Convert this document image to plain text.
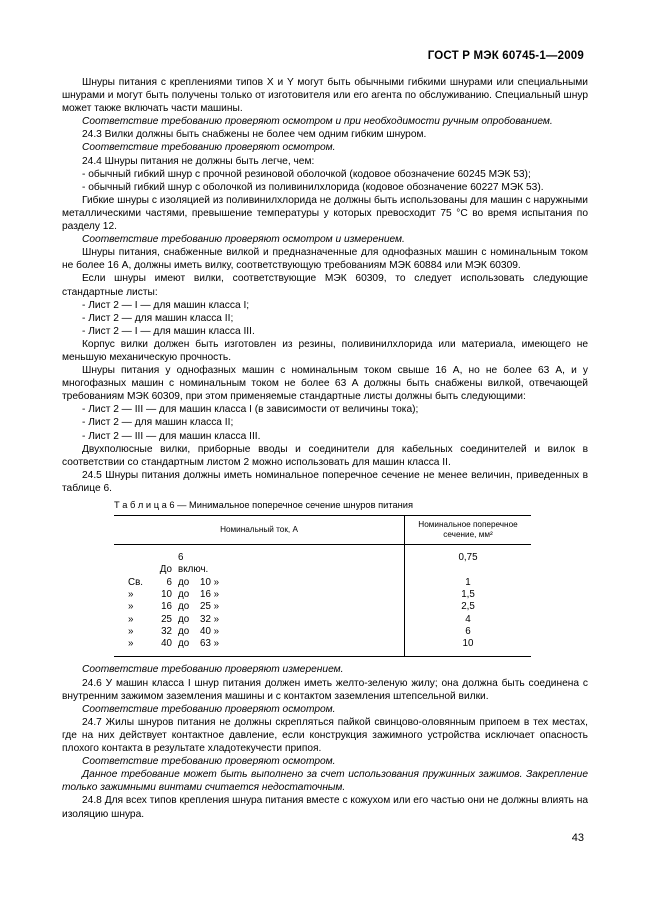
ГОСТ Р МЭК 60745-1—2009

Шнуры питания с креплениями типов X и Y могут быть обычными гибкими шнурами или специальными шнурами и могут быть получены только от изготовителя или его агента по обслуживанию. Специальный шнур может также включать части машины.

Соответствие требованию проверяют осмотром и при необходимости ручным опробованием.

24.3 Вилки должны быть снабжены не более чем одним гибким шнуром.

Соответствие требованию проверяют осмотром.

24.4 Шнуры питания не должны быть легче, чем:

- обычный гибкий шнур с прочной резиновой оболочкой (кодовое обозначение 60245 МЭК 53);

- обычный гибкий шнур с оболочкой из поливинилхлорида (кодовое обозначение 60227 МЭК 53).

Гибкие шнуры с изоляцией из поливинилхлорида не должны быть использованы для машин с наружными металлическими частями, превышение температуры у которых превосходит 75 °С во время испытания по разделу 12.

Соответствие требованию проверяют осмотром и измерением.

Шнуры питания, снабженные вилкой и предназначенные для однофазных машин с номинальным током не более 16 А, должны иметь вилку, соответствующую требованиям МЭК 60884 или МЭК 60309.

Если шнуры имеют вилки, соответствующие МЭК 60309, то следует использовать следующие стандартные листы:

- Лист 2 — I — для машин класса I;

- Лист 2 — для машин класса II;

- Лист 2 — I — для машин класса III.

Корпус вилки должен быть изготовлен из резины, поливинилхлорида или материала, имеющего не меньшую механическую прочность.

Шнуры питания у однофазных машин с номинальным током свыше 16 А, но не более 63 А, и у многофазных машин с номинальным током не более 63 А должны быть снабжены вилкой, отвечающей требованиям МЭК 60309, при этом применяемые стандартные листы должны быть следующими:

- Лист 2 — III — для машин класса I (в зависимости от величины тока);

- Лист 2 — для машин класса II;

- Лист 2 — III — для машин класса III.

Двухполюсные вилки, приборные вводы и соединители для кабельных соединителей и вилок в соответствии со стандартным листом 2 можно использовать для машин класса II.

24.5 Шнуры питания должны иметь номинальное поперечное сечение не менее величин, приведенных в таблице 6.

Т а б л и ц а 6 — Минимальное поперечное сечение шнуров питания

Номинальный ток, А	Номинальное поперечное сечение, мм²

До6 включ.	0,75
Св. 6 до 10 »	1
» 10 до 16 »	1,5
» 16 до 25 »	2,5
» 25 до 32 »	4
» 32 до 40 »	6
» 40 до 63 »	10

Соответствие требованию проверяют измерением.

24.6 У машин класса I шнур питания должен иметь желто-зеленую жилу; она должна быть соединена с внутренним зажимом заземления машины и с контактом заземления штепсельной вилки.

Соответствие требованию проверяют осмотром.

24.7 Жилы шнуров питания не должны скрепляться пайкой свинцово-оловянным припоем в тех местах, где на них действует контактное давление, если конструкция зажимного устройства исключает опасность плохого контакта в результате хладотекучести припоя.

Соответствие требованию проверяют осмотром.

Данное требование может быть выполнено за счет использования пружинных зажимов. Закрепление только зажимными винтами считается недостаточным.

24.8 Для всех типов крепления шнура питания вместе с кожухом или его частью они не должны влиять на изоляцию шнура.

43
